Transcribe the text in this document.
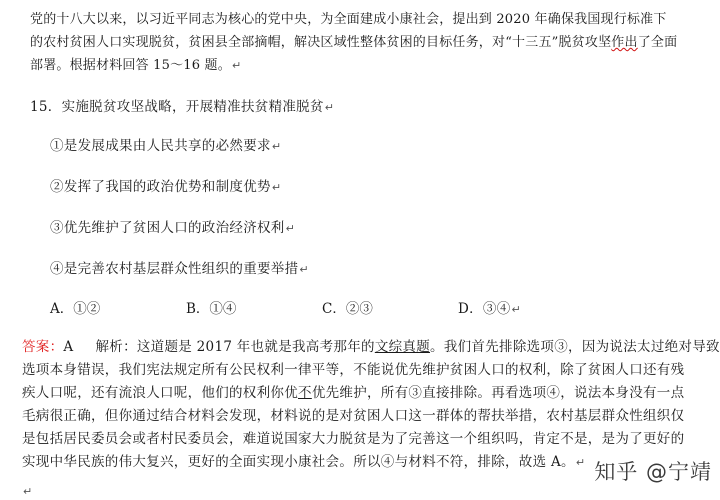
党的十八大以来，以习近平同志为核心的党中央，为全面建成小康社会，提出到 2020 年确保我国现行标准下
的农村贫困人口实现脱贫，贫困县全部摘帽，解决区域性整体贫困的目标任务，对“十三五”脱贫攻坚作出了全面
部署。根据材料回答 15～16 题。↵
15．实施脱贫攻坚战略，开展精准扶贫精准脱贫↵
①是发展成果由人民共享的必然要求↵
②发挥了我国的政治优势和制度优势↵
③优先维护了贫困人口的政治经济权利↵
④是完善农村基层群众性组织的重要举措↵
A．①②	B．①④	C．②③	D．③④↵
答案：A 解析：这道题是 2017 年也就是我高考那年的文综真题。我们首先排除选项③，因为说法太过绝对导致
选项本身错误，我们宪法规定所有公民权利一律平等，不能说优先维护贫困人口的权利，除了贫困人口还有残
疾人口呢，还有流浪人口呢，他们的权利你优不优先维护，所有③直接排除。再看选项④，说法本身没有一点
毛病很正确，但你通过结合材料会发现，材料说的是对贫困人口这一群体的帮扶举措，农村基层群众性组织仅
是包括居民委员会或者村民委员会，难道说国家大力脱贫是为了完善这一个组织吗，肯定不是，是为了更好的
实现中华民族的伟大复兴，更好的全面实现小康社会。所以④与材料不符，排除，故选 A。↵
↵
知乎 @宁靖
